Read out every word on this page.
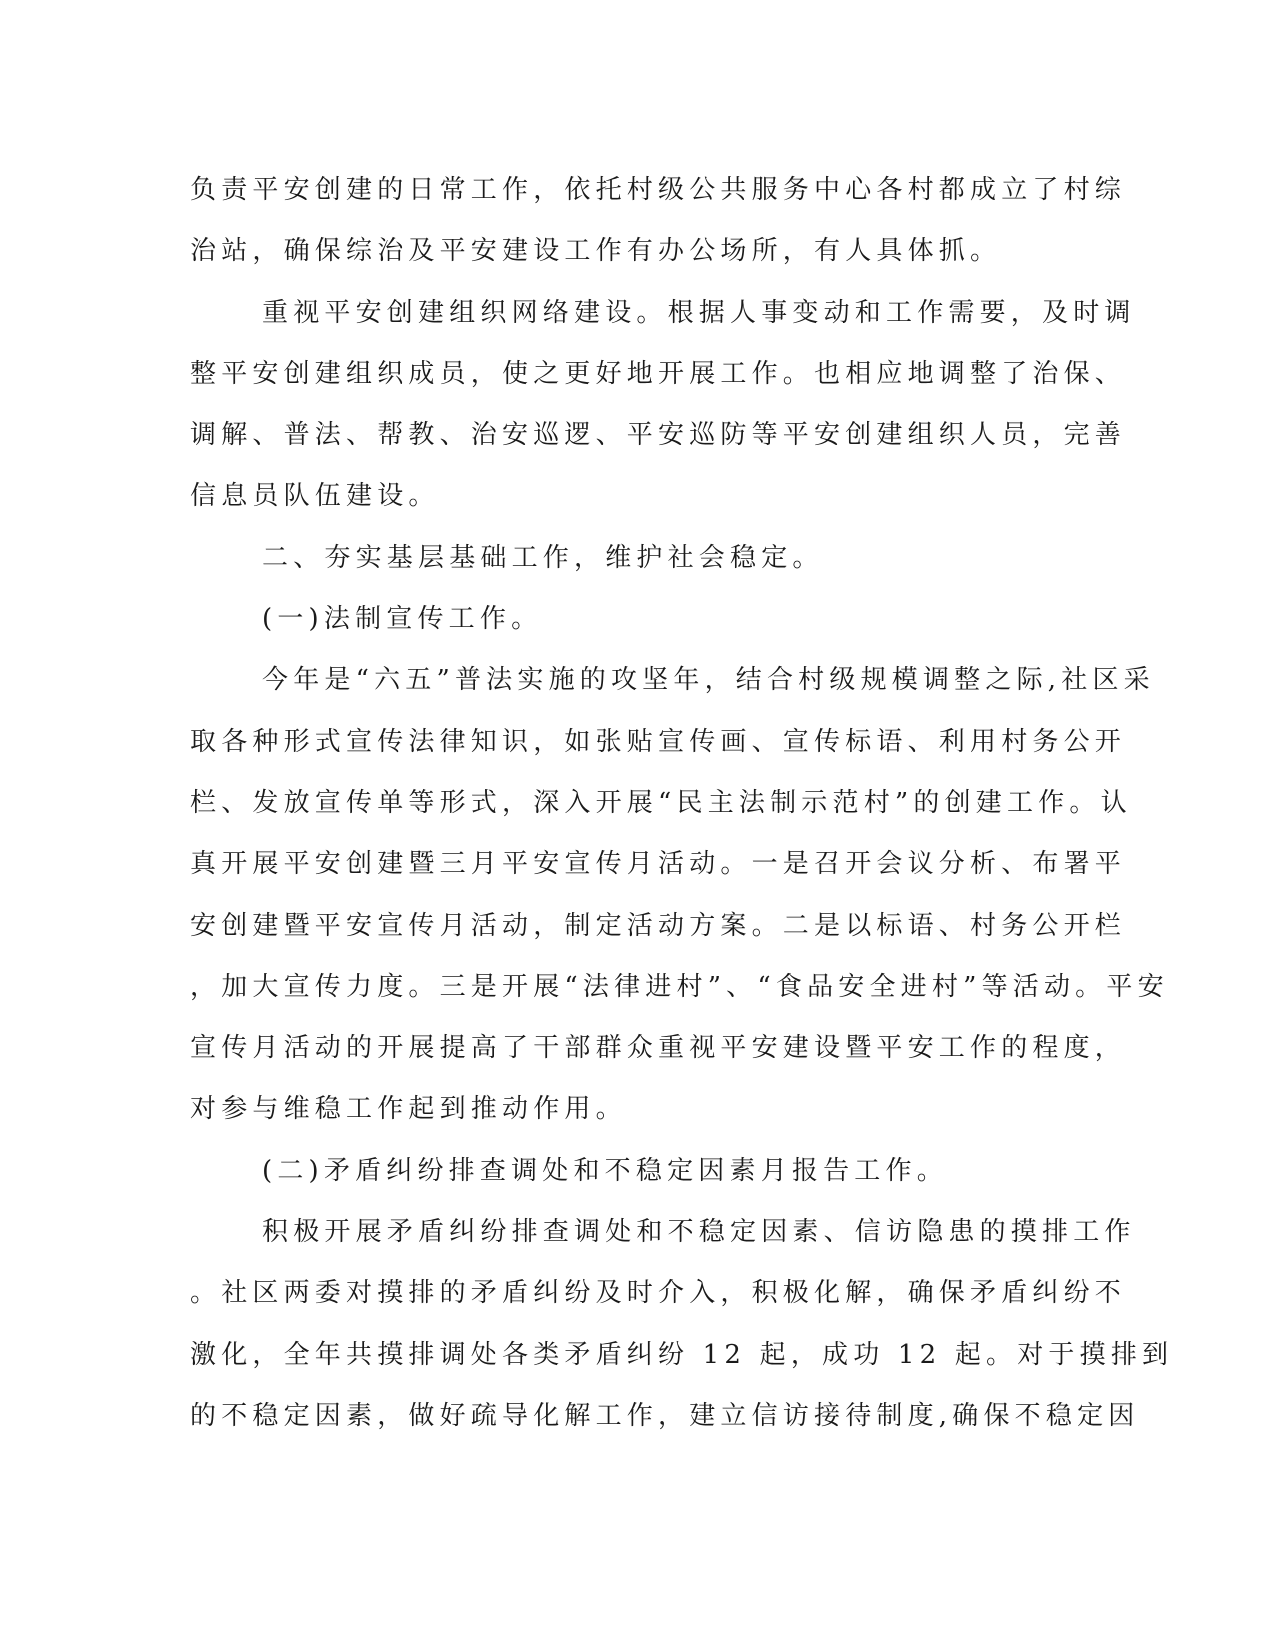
负责平安创建的日常工作，依托村级公共服务中心各村都成立了村综
治站，确保综治及平安建设工作有办公场所，有人具体抓。
重视平安创建组织网络建设。根据人事变动和工作需要，及时调
整平安创建组织成员，使之更好地开展工作。也相应地调整了治保、
调解、普法、帮教、治安巡逻、平安巡防等平安创建组织人员，完善
信息员队伍建设。
二、夯实基层基础工作，维护社会稳定。
(一)法制宣传工作。
今年是“六五”普法实施的攻坚年，结合村级规模调整之际,社区采
取各种形式宣传法律知识，如张贴宣传画、宣传标语、利用村务公开
栏、发放宣传单等形式，深入开展“民主法制示范村”的创建工作。认
真开展平安创建暨三月平安宣传月活动。一是召开会议分析、布署平
安创建暨平安宣传月活动，制定活动方案。二是以标语、村务公开栏
，加大宣传力度。三是开展“法律进村”、“食品安全进村”等活动。平安
宣传月活动的开展提高了干部群众重视平安建设暨平安工作的程度，
对参与维稳工作起到推动作用。
(二)矛盾纠纷排查调处和不稳定因素月报告工作。
积极开展矛盾纠纷排查调处和不稳定因素、信访隐患的摸排工作
。社区两委对摸排的矛盾纠纷及时介入，积极化解，确保矛盾纠纷不
激化，全年共摸排调处各类矛盾纠纷 12 起，成功 12 起。对于摸排到
的不稳定因素，做好疏导化解工作，建立信访接待制度,确保不稳定因
